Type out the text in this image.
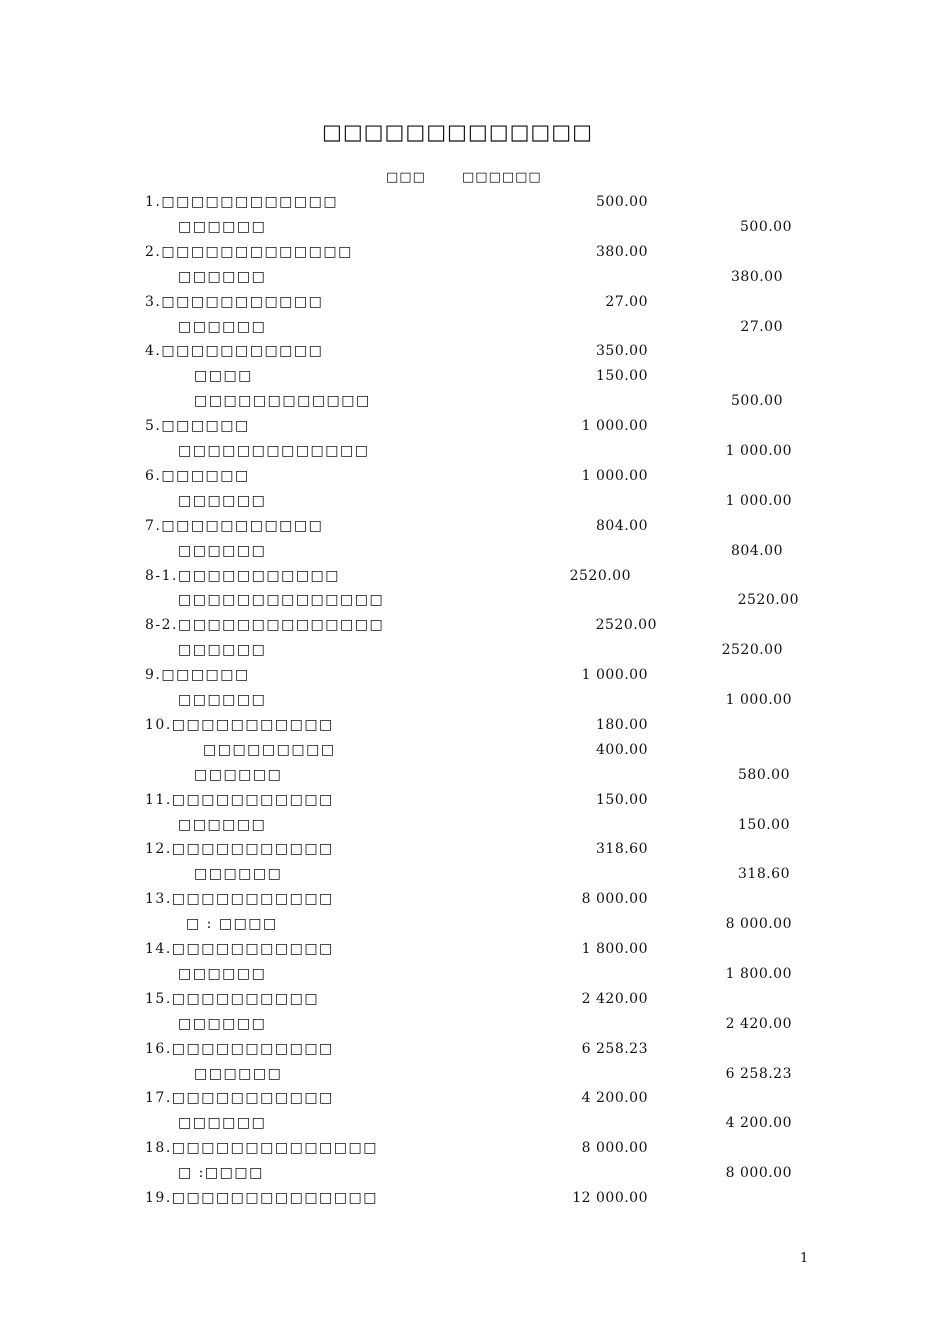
□□□□□□□□□□□□□
□□□	□□□□□□
1.□□□□□□□□□□□□	500.00
□□□□□□	500.00
2.□□□□□□□□□□□□□	380.00
□□□□□□	380.00
3.□□□□□□□□□□□	27.00
□□□□□□	27.00
4.□□□□□□□□□□□	350.00
□□□□	150.00
□□□□□□□□□□□□	500.00
5.□□□□□□	1 000.00
□□□□□□□□□□□□□	1 000.00
6.□□□□□□	1 000.00
□□□□□□	1 000.00
7.□□□□□□□□□□□	804.00
□□□□□□	804.00
8-1.□□□□□□□□□□□	2520.00
□□□□□□□□□□□□□□	2520.00
8-2.□□□□□□□□□□□□□□	2520.00
□□□□□□	2520.00
9.□□□□□□	1 000.00
□□□□□□	1 000.00
10.□□□□□□□□□□□	180.00
□□□□□□□□□	400.00
□□□□□□	580.00
11.□□□□□□□□□□□	150.00
□□□□□□	150.00
12.□□□□□□□□□□□	318.60
□□□□□□	318.60
13.□□□□□□□□□□□	8 000.00
□ : □□□□	8 000.00
14.□□□□□□□□□□□	1 800.00
□□□□□□	1 800.00
15.□□□□□□□□□□	2 420.00
□□□□□□	2 420.00
16.□□□□□□□□□□□	6 258.23
□□□□□□	6 258.23
17.□□□□□□□□□□□	4 200.00
□□□□□□	4 200.00
18.□□□□□□□□□□□□□□	8 000.00
□ :□□□□	8 000.00
19.□□□□□□□□□□□□□□	12 000.00
1
